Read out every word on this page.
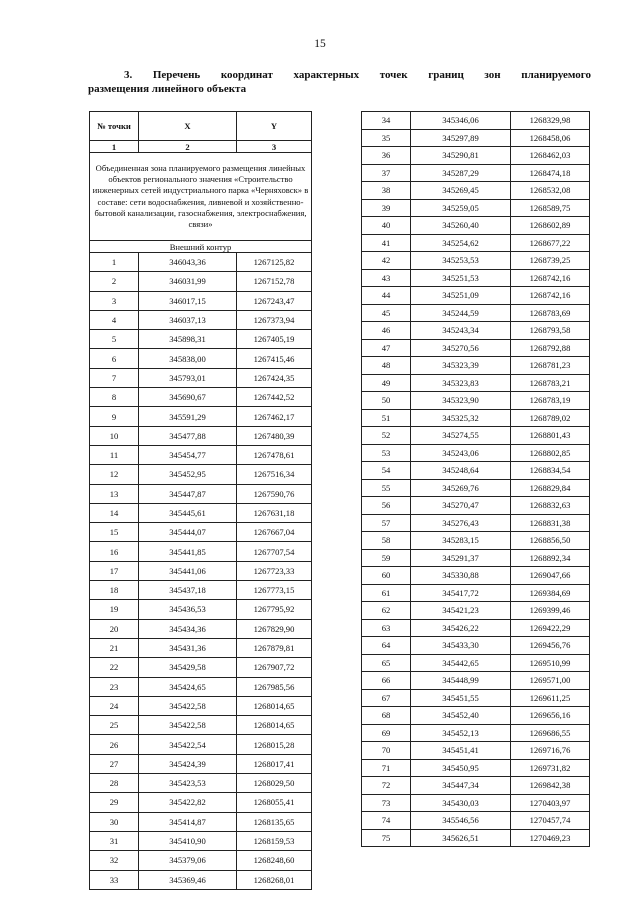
15
3. Перечень координат характерных точек границ зон планируемого
размещения линейного объекта
№ точки	X	Y
1	2	3
Объединенная зона планируемого размещения линейных объектов регионального значения «Строительство инженерных сетей индустриального парка «Черняховск» в составе: сети водоснабжения, ливневой и хозяйственно-бытовой канализации, газоснабжения, электроснабжения, связи»		
Внешний контур		
1	346043,36	1267125,82
2	346031,99	1267152,78
3	346017,15	1267243,47
4	346037,13	1267373,94
5	345898,31	1267405,19
6	345838,00	1267415,46
7	345793,01	1267424,35
8	345690,67	1267442,52
9	345591,29	1267462,17
10	345477,88	1267480,39
11	345454,77	1267478,61
12	345452,95	1267516,34
13	345447,87	1267590,76
14	345445,61	1267631,18
15	345444,07	1267667,04
16	345441,85	1267707,54
17	345441,06	1267723,33
18	345437,18	1267773,15
19	345436,53	1267795,92
20	345434,36	1267829,90
21	345431,36	1267879,81
22	345429,58	1267907,72
23	345424,65	1267985,56
24	345422,58	1268014,65
25	345422,58	1268014,65
26	345422,54	1268015,28
27	345424,39	1268017,41
28	345423,53	1268029,50
29	345422,82	1268055,41
30	345414,87	1268135,65
31	345410,90	1268159,53
32	345379,06	1268248,60
33	345369,46	1268268,01
34	345346,06	1268329,98
35	345297,89	1268458,06
36	345290,81	1268462,03
37	345287,29	1268474,18
38	345269,45	1268532,08
39	345259,05	1268589,75
40	345260,40	1268602,89
41	345254,62	1268677,22
42	345253,53	1268739,25
43	345251,53	1268742,16
44	345251,09	1268742,16
45	345244,59	1268783,69
46	345243,34	1268793,58
47	345270,56	1268792,88
48	345323,39	1268781,23
49	345323,83	1268783,21
50	345323,90	1268783,19
51	345325,32	1268789,02
52	345274,55	1268801,43
53	345243,06	1268802,85
54	345248,64	1268834,54
55	345269,76	1268829,84
56	345270,47	1268832,63
57	345276,43	1268831,38
58	345283,15	1268856,50
59	345291,37	1268892,34
60	345330,88	1269047,66
61	345417,72	1269384,69
62	345421,23	1269399,46
63	345426,22	1269422,29
64	345433,30	1269456,76
65	345442,65	1269510,99
66	345448,99	1269571,00
67	345451,55	1269611,25
68	345452,40	1269656,16
69	345452,13	1269686,55
70	345451,41	1269716,76
71	345450,95	1269731,82
72	345447,34	1269842,38
73	345430,03	1270403,97
74	345546,56	1270457,74
75	345626,51	1270469,23
